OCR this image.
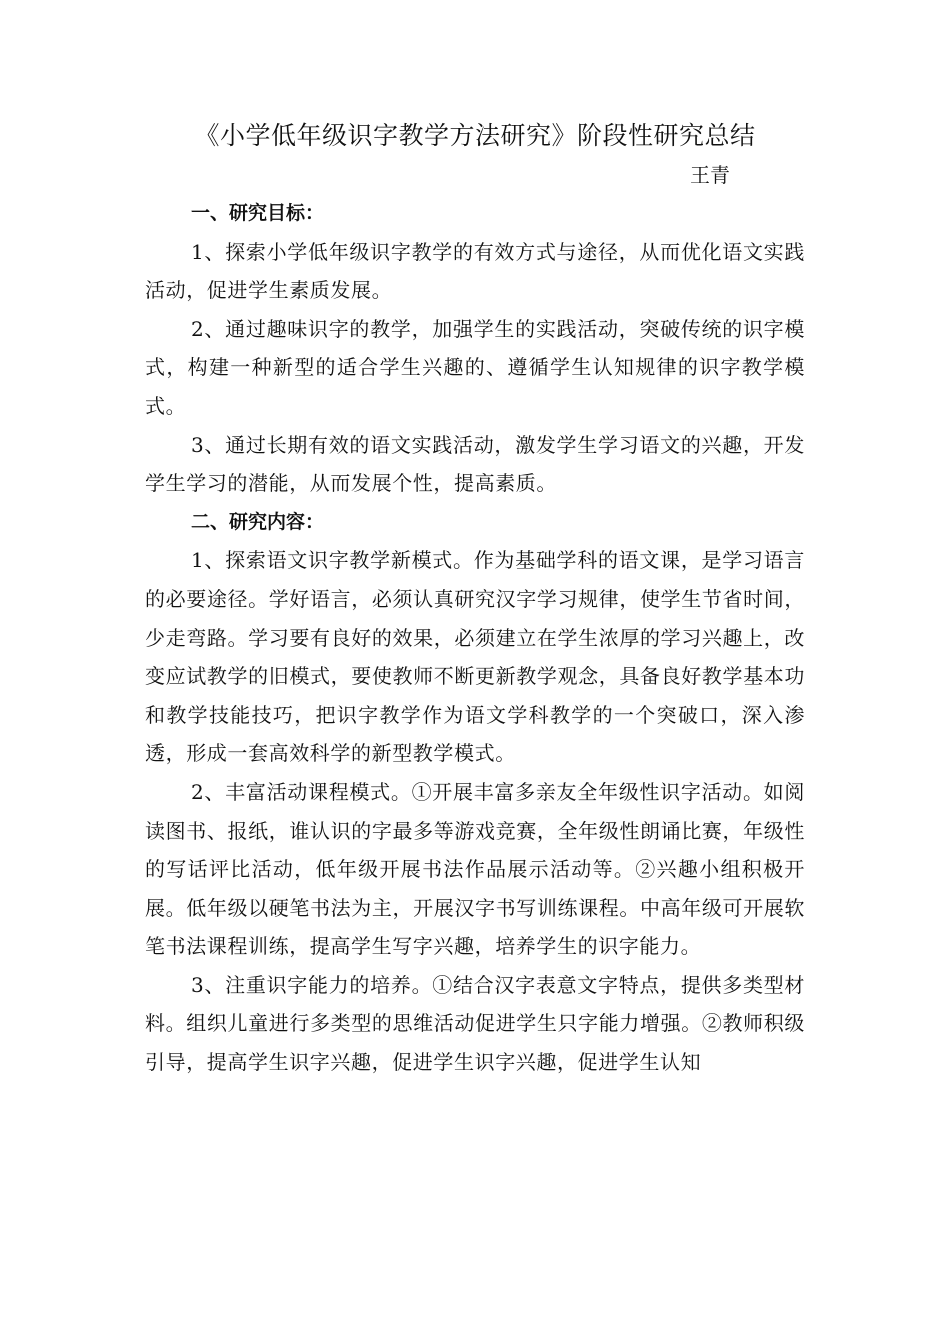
《小学低年级识字教学方法研究》阶段性研究总结
王青

一、研究目标：

1、探索小学低年级识字教学的有效方式与途径，从而优化语文实践活动，促进学生素质发展。

2、通过趣味识字的教学，加强学生的实践活动，突破传统的识字模式，构建一种新型的适合学生兴趣的、遵循学生认知规律的识字教学模式。

3、通过长期有效的语文实践活动，激发学生学习语文的兴趣，开发学生学习的潜能，从而发展个性，提高素质。

二、研究内容：

1、探索语文识字教学新模式。作为基础学科的语文课，是学习语言的必要途径。学好语言，必须认真研究汉字学习规律，使学生节省时间，少走弯路。学习要有良好的效果，必须建立在学生浓厚的学习兴趣上，改变应试教学的旧模式，要使教师不断更新教学观念，具备良好教学基本功和教学技能技巧，把识字教学作为语文学科教学的一个突破口，深入渗透，形成一套高效科学的新型教学模式。

2、丰富活动课程模式。①开展丰富多亲友全年级性识字活动。如阅读图书、报纸，谁认识的字最多等游戏竞赛，全年级性朗诵比赛，年级性的写话评比活动，低年级开展书法作品展示活动等。②兴趣小组积极开展。低年级以硬笔书法为主，开展汉字书写训练课程。中高年级可开展软笔书法课程训练，提高学生写字兴趣，培养学生的识字能力。

3、注重识字能力的培养。①结合汉字表意文字特点，提供多类型材料。组织儿童进行多类型的思维活动促进学生只字能力增强。②教师积级引导，提高学生识字兴趣，促进学生识字兴趣，促进学生认知
